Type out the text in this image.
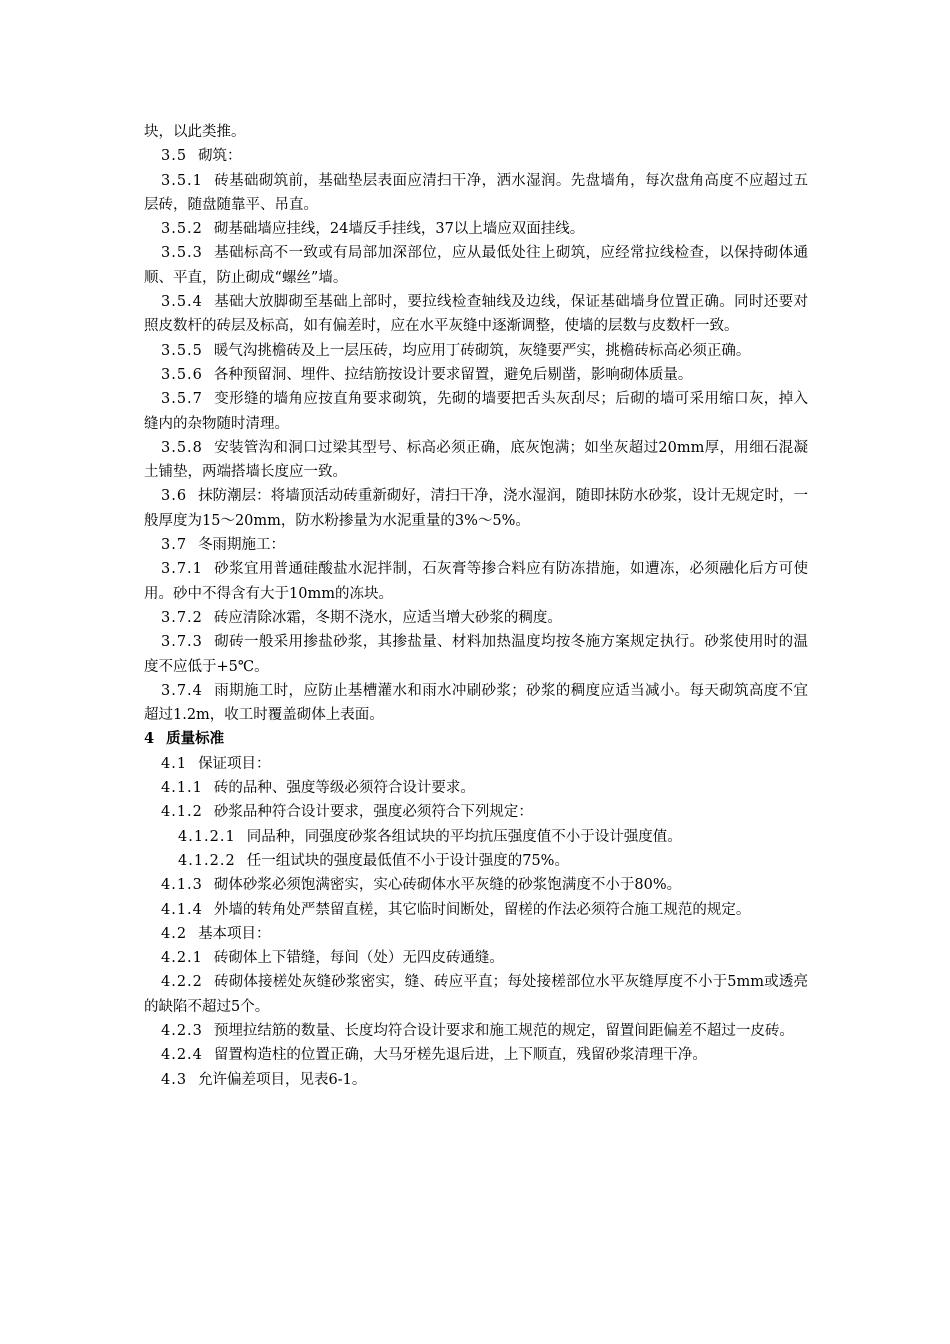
块，以此类推。

3.5 砌筑：

3.5.1 砖基础砌筑前，基础垫层表面应清扫干净，洒水湿润。先盘墙角，每次盘角高度不应超过五层砖，随盘随靠平、吊直。

3.5.2 砌基础墙应挂线，24墙反手挂线，37以上墙应双面挂线。

3.5.3 基础标高不一致或有局部加深部位，应从最低处往上砌筑，应经常拉线检查，以保持砌体通顺、平直，防止砌成“螺丝”墙。

3.5.4 基础大放脚砌至基础上部时，要拉线检查轴线及边线，保证基础墙身位置正确。同时还要对照皮数杆的砖层及标高，如有偏差时，应在水平灰缝中逐渐调整，使墙的层数与皮数杆一致。

3.5.5 暖气沟挑檐砖及上一层压砖，均应用丁砖砌筑，灰缝要严实，挑檐砖标高必须正确。

3.5.6 各种预留洞、埋件、拉结筋按设计要求留置，避免后剔凿，影响砌体质量。

3.5.7 变形缝的墙角应按直角要求砌筑，先砌的墙要把舌头灰刮尽；后砌的墙可采用缩口灰，掉入缝内的杂物随时清理。

3.5.8 安装管沟和洞口过梁其型号、标高必须正确，底灰饱满；如坐灰超过20mm厚，用细石混凝土铺垫，两端搭墙长度应一致。

3.6 抹防潮层：将墙顶活动砖重新砌好，清扫干净，浇水湿润，随即抹防水砂浆，设计无规定时，一般厚度为15～20mm，防水粉掺量为水泥重量的3%～5%。

3.7 冬雨期施工：

3.7.1 砂浆宜用普通硅酸盐水泥拌制，石灰膏等掺合料应有防冻措施，如遭冻，必须融化后方可使用。砂中不得含有大于10mm的冻块。

3.7.2 砖应清除冰霜，冬期不浇水，应适当增大砂浆的稠度。

3.7.3 砌砖一般采用掺盐砂浆，其掺盐量、材料加热温度均按冬施方案规定执行。砂浆使用时的温度不应低于+5℃。

3.7.4 雨期施工时，应防止基槽灌水和雨水冲刷砂浆；砂浆的稠度应适当减小。每天砌筑高度不宜超过1.2m，收工时覆盖砌体上表面。

4 质量标准

4.1 保证项目：

4.1.1 砖的品种、强度等级必须符合设计要求。

4.1.2 砂浆品种符合设计要求，强度必须符合下列规定：

4.1.2.1 同品种，同强度砂浆各组试块的平均抗压强度值不小于设计强度值。

4.1.2.2 任一组试块的强度最低值不小于设计强度的75%。

4.1.3 砌体砂浆必须饱满密实，实心砖砌体水平灰缝的砂浆饱满度不小于80%。

4.1.4 外墙的转角处严禁留直槎，其它临时间断处，留槎的作法必须符合施工规范的规定。

4.2 基本项目：

4.2.1 砖砌体上下错缝，每间（处）无四皮砖通缝。

4.2.2 砖砌体接槎处灰缝砂浆密实，缝、砖应平直；每处接槎部位水平灰缝厚度不小于5mm或透亮的缺陷不超过5个。

4.2.3 预埋拉结筋的数量、长度均符合设计要求和施工规范的规定，留置间距偏差不超过一皮砖。

4.2.4 留置构造柱的位置正确，大马牙槎先退后进，上下顺直，残留砂浆清理干净。

4.3 允许偏差项目，见表6-1。
